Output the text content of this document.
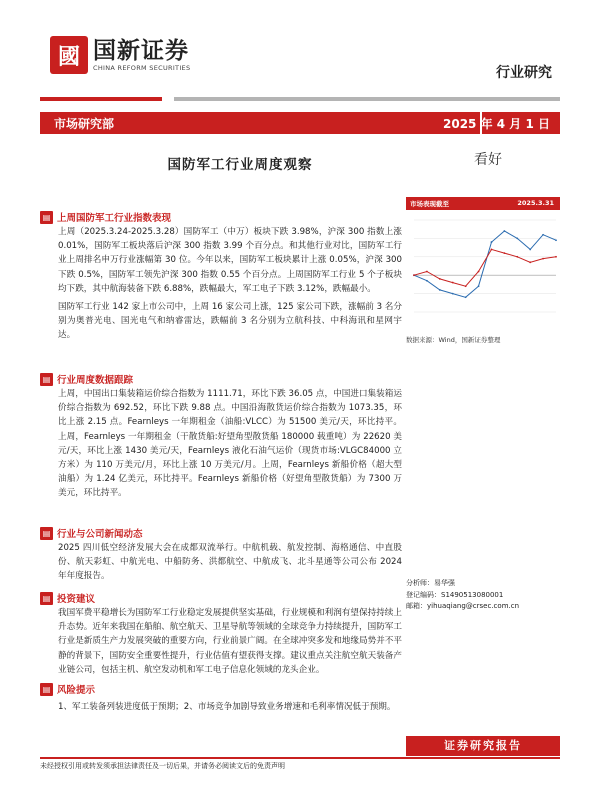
國 国新证券
CHINA REFORM SECURITIES	行业研究
市场研究部	2025 年 4 月 1 日
国防军工行业周度观察	看好
▤ 上周国防军工行业指数表现

上周（2025.3.24-2025.3.28）国防军工（中万）板块下跌 3.98%，沪深 300 指数上涨 0.01%，国防军工板块落后沪深 300 指数 3.99 个百分点。和其他行业对比，国防军工行业上周排名申万行业涨幅第 30 位。今年以来，国防军工板块累计上涨 0.05%，沪深 300 下跌 0.5%，国防军工领先沪深 300 指数 0.55 个百分点。上周国防军工行业 5 个子板块均下跌，其中航海装备下跌 6.88%，跌幅最大，军工电子下跌 3.12%，跌幅最小。

国防军工行业 142 家上市公司中，上周 16 家公司上涨，125 家公司下跌，涨幅前 3 名分别为奥普光电、国光电气和纳睿雷达，跌幅前 3 名分别为立航科技、中科海讯和星网宇达。

▤ 行业周度数据跟踪

上周，中国出口集装箱运价综合指数为 1111.71，环比下跌 36.05 点，中国进口集装箱运价综合指数为 692.52，环比下跌 9.88 点。中国沿海散货运价综合指数为 1073.35，环比上涨 2.15 点。Fearnleys 一年期租金（油船:VLCC）为 51500 美元/天，环比持平。上周，Fearnleys 一年期租金（干散货船:好望角型散货船 180000 载重吨）为 22620 美元/天，环比上涨 1430 美元/天，Fearnleys 液化石油气运价（现货市场:VLGC84000 立方米）为 110 万美元/月，环比上涨 10 万美元/月。上周，Fearnleys 新船价格（超大型油船）为 1.24 亿美元，环比持平。Fearnleys 新船价格（好望角型散货船）为 7300 万美元，环比持平。

▤ 行业与公司新闻动态

2025 四川低空经济发展大会在成都双流举行。中航机载、航发控制、海格通信、中直股份、航天彩虹、中航光电、中船防务、洪都航空、中航成飞、北斗星通等公司公布 2024 年年度报告。

▤ 投资建议

我国军费平稳增长为国防军工行业稳定发展提供坚实基础，行业规模和利润有望保持持续上升态势。近年来我国在船舶、航空航天、卫星导航等领域的全球竞争力持续提升，国防军工行业是新质生产力发展突破的重要方向，行业前景广阔。在全球冲突多发和地缘局势并不平静的背景下，国防安全重要性提升，行业估值有望获得支撑。建议重点关注航空航天装备产业链公司，包括主机、航空发动机和军工电子信息化领域的龙头企业。

▤ 风险提示

1、军工装备列装进度低于预期；2、市场竞争加剧导致业务增速和毛利率情况低于预期。

市场表现截至	2025.3.31
数据来源：Wind，国新证券整理
分析师：易华强
登记编码：S1490513080001
邮箱：yihuaqiang@crsec.com.cn
证券研究报告
未经授权引用或转发须承担法律责任及一切后果，并请务必阅读文后的免责声明
